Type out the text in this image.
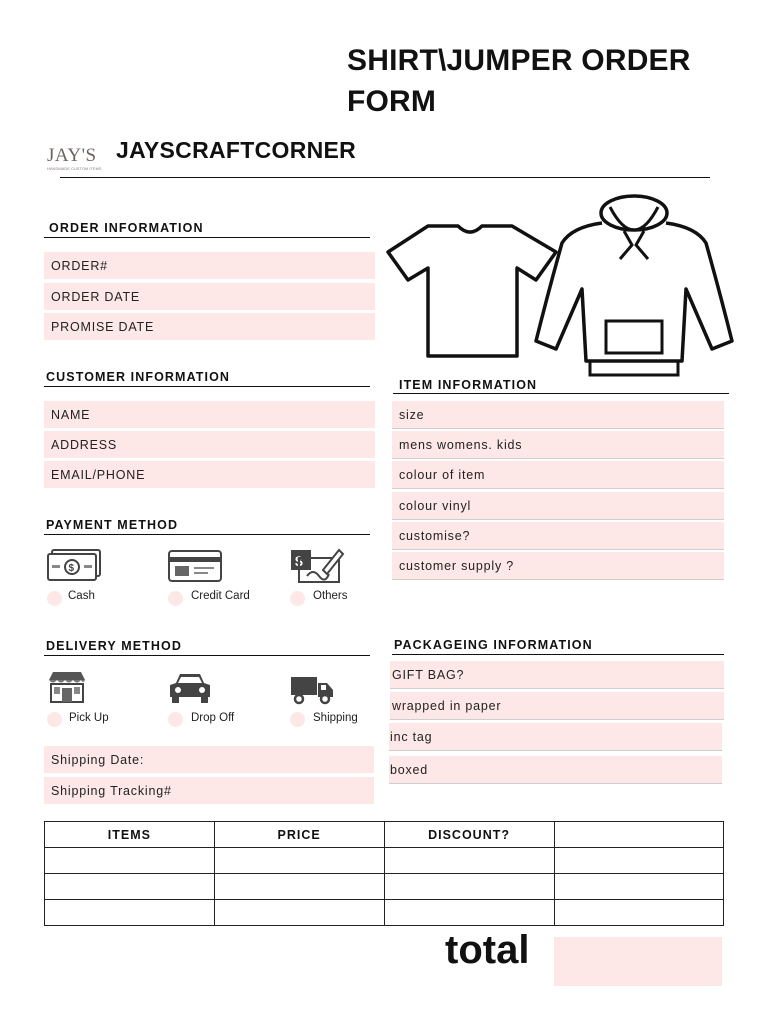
SHIRT\JUMPER ORDER FORM
JAY'S
HANDMADE CUSTOM ITEMS
JAYSCRAFTCORNER
ORDER INFORMATION
ORDER#
ORDER DATE
PROMISE DATE
CUSTOMER INFORMATION
NAME
ADDRESS
EMAIL/PHONE
ITEM INFORMATION
size
mens womens. kids
colour of item
colour vinyl
customise?
customer supply ?
PAYMENT METHOD
$
Cash	Credit Card
$
Others
DELIVERY METHOD
Pick Up	Drop Off	Shipping
Shipping Date:
Shipping Tracking#
PACKAGEING INFORMATION
GIFT BAG?
wrapped in paper
inc tag
boxed
ITEMS	PRICE	DISCOUNT?	

total
